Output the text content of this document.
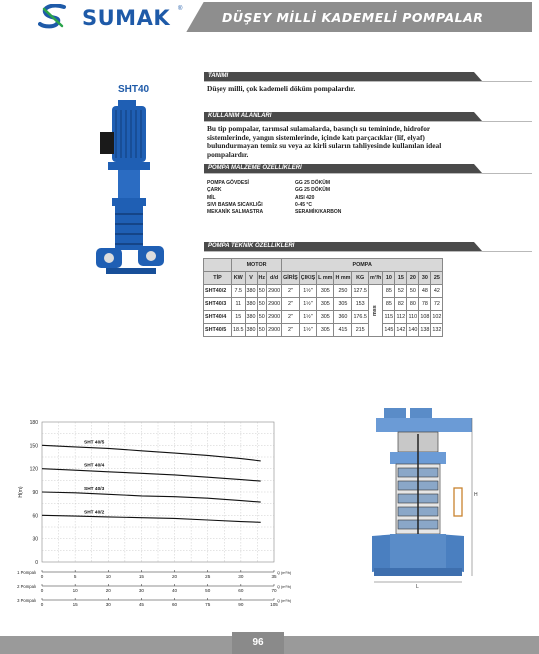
SUMAK ®
DÜŞEY MİLLİ KADEMELİ POMPALAR
SHT40
TANIMI
Düşey milli, çok kademeli döküm pompalardır.
KULLANIM ALANLARI
Bu tip pompalar, tarımsal sulamalarda, basınçlı su temininde, hidrofor
sistemlerinde, yangın sistemlerinde, içinde katı parçacıklar (lif, elyaf)
bulundurmayan temiz su veya az kirli suların tahliyesinde kullanılan ideal
pompalardır.
POMPA MALZEME ÖZELLİKLERİ
POMPA GÖVDESİ	GG 25 DÖKÜM
ÇARK	GG 25 DÖKÜM
MİL	AISI 420
SIVI BASMA SICAKLIĞI	0-45 °C
MEKANİK SALMASTRA	SERAMİK/KARBON
POMPA TEKNİK ÖZELLİKLERİ
	MOTOR				POMPA										
TİP	KW	V	Hz	d/d	GİRİŞ	ÇIKIŞ	L mm	H mm	KG	m³/h	10	15	20	30	25
SHT40/2	7.5	380	50	2900	2"	1½"	305	250	127.5	mss	85	52	50	48	42
SHT40/3	11	380	50	2900	2"	1½"	305	305	153		85	82	80	78	72
SHT40/4	15	380	50	2900	2"	1½"	305	360	176.5		115	112	110	108	102
SHT40/5	18.5	380	50	2900	2"	1½"	305	415	215		145	142	140	138	132
180
150
120
90
60
30
0
H(m)
SHT 40/5
SHT 40/4
SHT 40/3
SHT 40/2
1 Pompalı
0	5	10	15	20	25	30	35
Q (m³/h)
2 Pompalı
0	10	20	30	40	50	60	70
Q (m³/h)
3 Pompalı
0	15	30	45	60	75	90	105
Q (m³/h)
H
L
96
